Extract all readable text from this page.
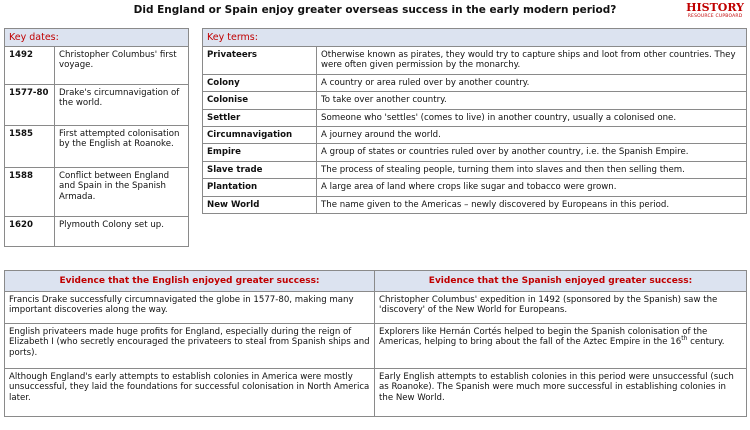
Did England or Spain enjoy greater overseas success in the early modern period?	HISTORY
RESOURCE CUPBOARD
Key dates:	
1492	Christopher Columbus' first voyage.
1577-80	Drake's circumnavigation of the world.
1585	First attempted colonisation by the English at Roanoke.
1588	Conflict between England and Spain in the Spanish Armada.
1620	Plymouth Colony set up.
Key terms:	
Privateers	Otherwise known as pirates, they would try to capture ships and loot from other countries. They were often given permission by the monarchy.
Colony	A country or area ruled over by another country.
Colonise	To take over another country.
Settler	Someone who 'settles' (comes to live) in another country, usually a colonised one.
Circumnavigation	A journey around the world.
Empire	A group of states or countries ruled over by another country, i.e. the Spanish Empire.
Slave trade	The process of stealing people, turning them into slaves and then then selling them.
Plantation	A large area of land where crops like sugar and tobacco were grown.
New World	The name given to the Americas – newly discovered by Europeans in this period.
Evidence that the English enjoyed greater success:	Evidence that the Spanish enjoyed greater success:
Francis Drake successfully circumnavigated the globe in 1577-80, making many important discoveries along the way.	Christopher Columbus' expedition in 1492 (sponsored by the Spanish) saw the 'discovery' of the New World for Europeans.
English privateers made huge profits for England, especially during the reign of Elizabeth I (who secretly encouraged the privateers to steal from Spanish ships and ports).	Explorers like Hernán Cortés helped to begin the Spanish colonisation of the Americas, helping to bring about the fall of the Aztec Empire in the 16th century.
Although England's early attempts to establish colonies in America were mostly unsuccessful, they laid the foundations for successful colonisation in North America later.	Early English attempts to establish colonies in this period were unsuccessful (such as Roanoke). The Spanish were much more successful in establishing colonies in the New World.
